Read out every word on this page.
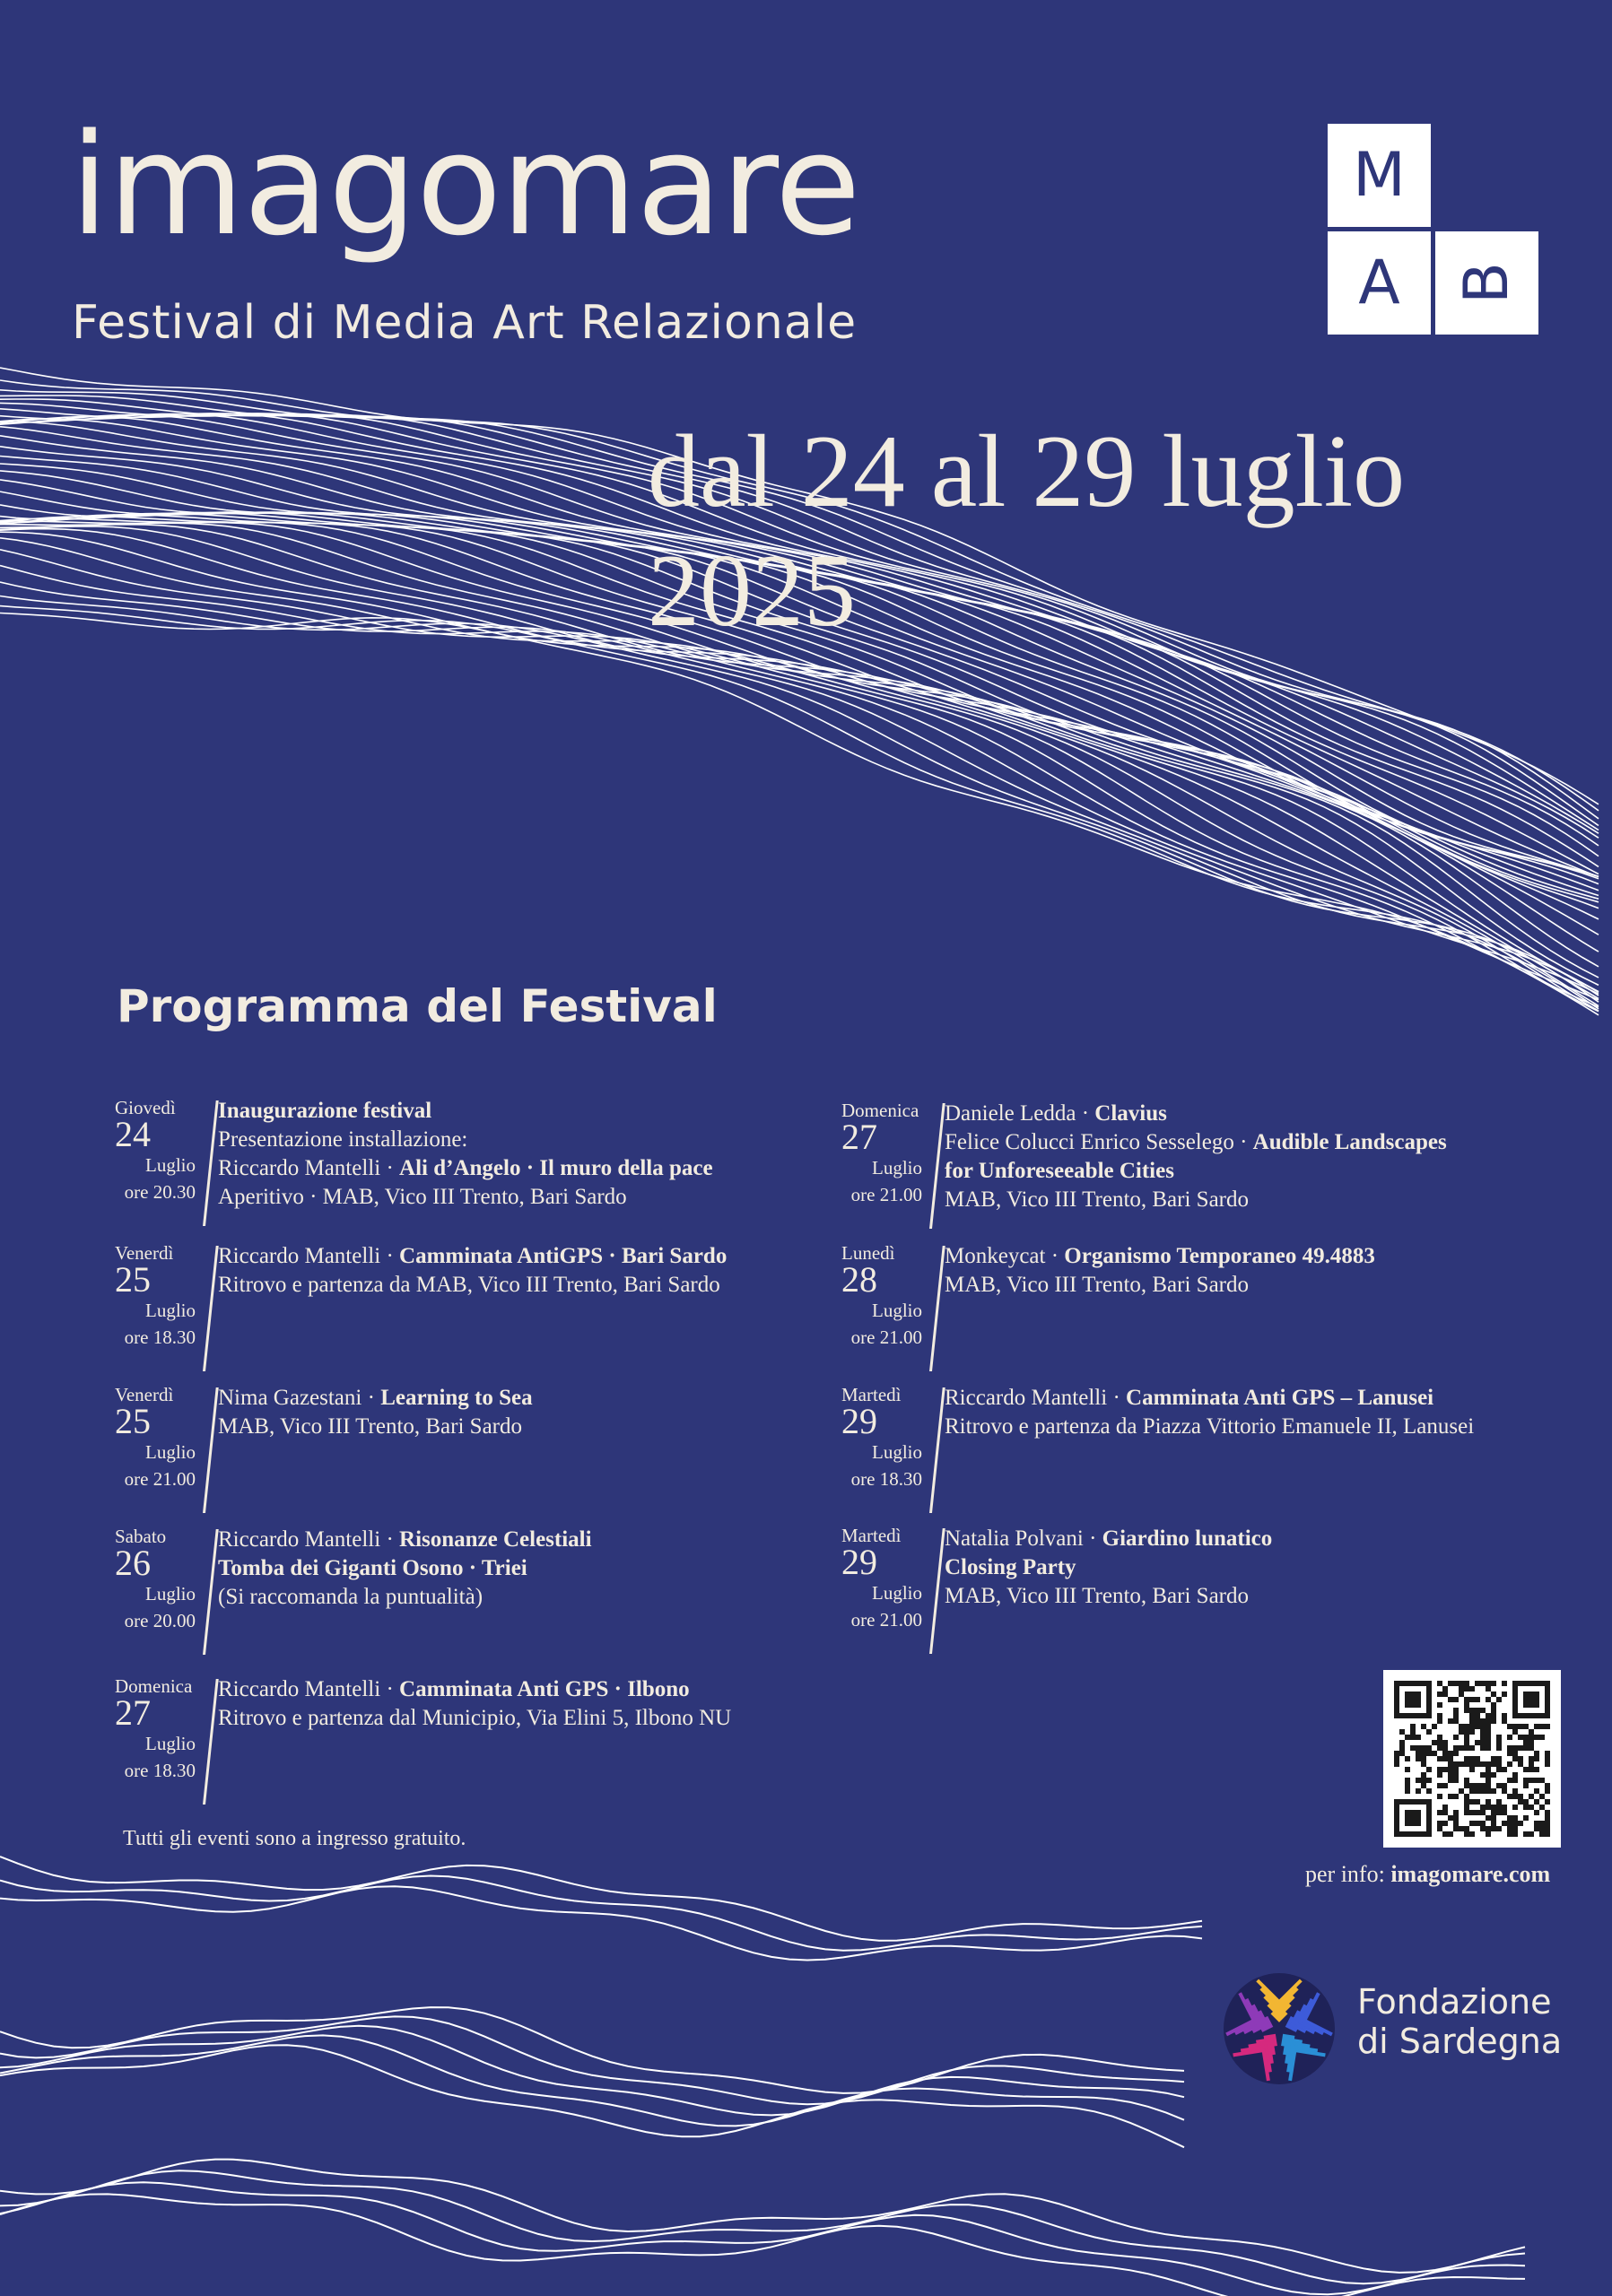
imagomare
Festival di Media Art Relazionale
dal 24 al 29 luglio 2025
M
A B
Programma del Festival
Giovedì
24
Luglio
ore 20.30
Inaugurazione festival
Presentazione installazione:
Riccardo Mantelli · Ali d’Angelo · Il muro della pace
Aperitivo · MAB, Vico III Trento, Bari Sardo
Venerdì
25
Luglio
ore 18.30
Riccardo Mantelli · Camminata AntiGPS · Bari Sardo
Ritrovo e partenza da MAB, Vico III Trento, Bari Sardo
Venerdì
25
Luglio
ore 21.00
Nima Gazestani · Learning to Sea
MAB, Vico III Trento, Bari Sardo
Sabato
26
Luglio
ore 20.00
Riccardo Mantelli · Risonanze Celestiali
Tomba dei Giganti Osono · Triei
(Si raccomanda la puntualità)
Domenica
27
Luglio
ore 18.30
Riccardo Mantelli · Camminata Anti GPS · Ilbono
Ritrovo e partenza dal Municipio, Via Elini 5, Ilbono NU
Domenica
27
Luglio
ore 21.00
Daniele Ledda · Clavius
Felice Colucci Enrico Sesselego · Audible Landscapes
for Unforeseeable Cities
MAB, Vico III Trento, Bari Sardo
Lunedì
28
Luglio
ore 21.00
Monkeycat · Organismo Temporaneo 49.4883
MAB, Vico III Trento, Bari Sardo
Martedì
29
Luglio
ore 18.30
Riccardo Mantelli · Camminata Anti GPS – Lanusei
Ritrovo e partenza da Piazza Vittorio Emanuele II, Lanusei
Martedì
29
Luglio
ore 21.00
Natalia Polvani · Giardino lunatico
Closing Party
MAB, Vico III Trento, Bari Sardo
Tutti gli eventi sono a ingresso gratuito.
per info: imagomare.com
Fondazione
di Sardegna
